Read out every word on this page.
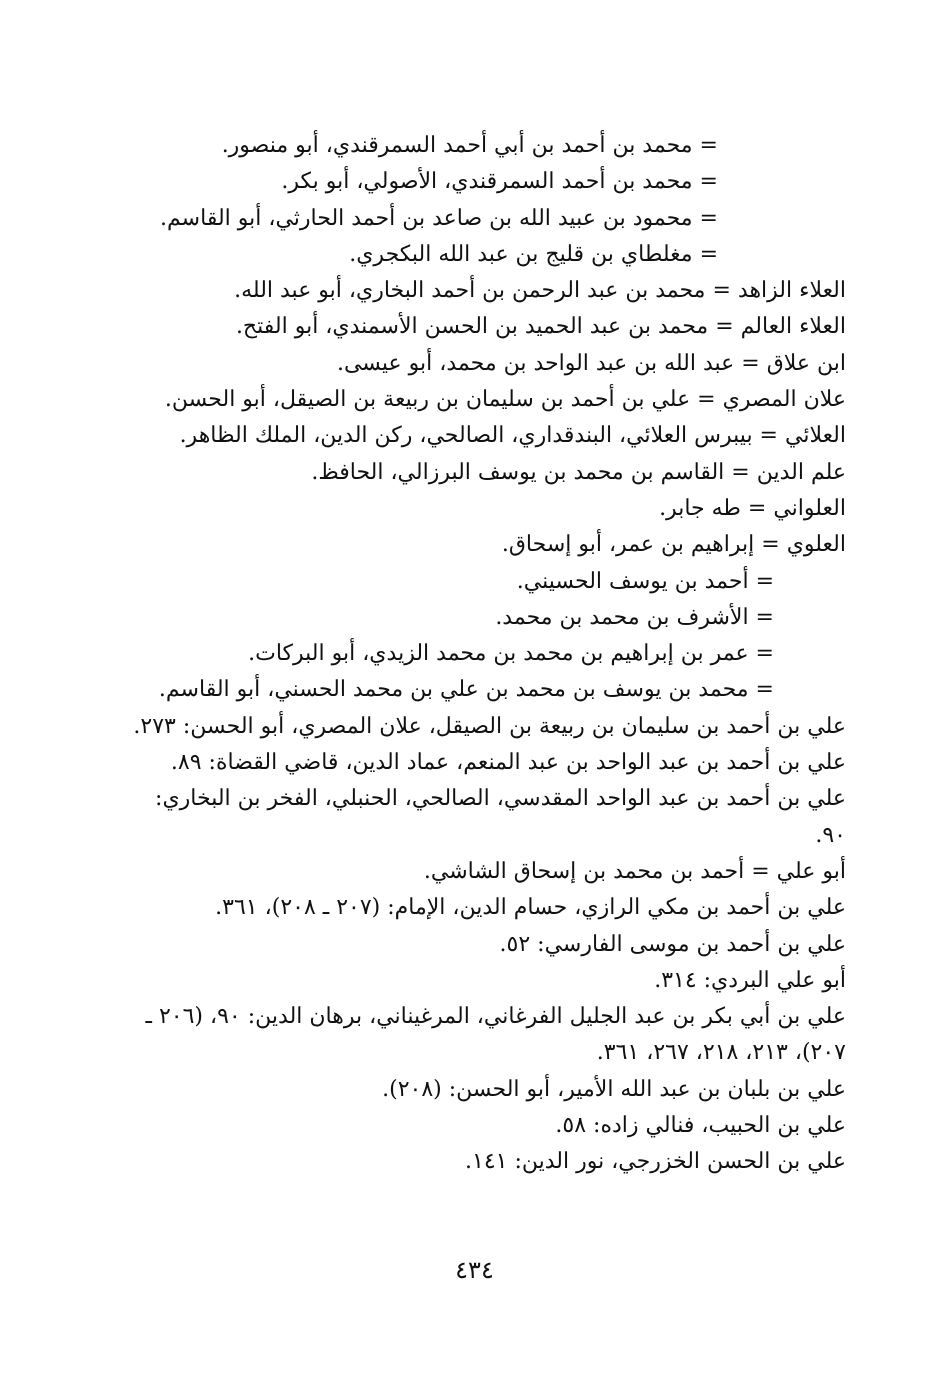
= محمد بن أحمد بن أبي أحمد السمرقندي، أبو منصور.
= محمد بن أحمد السمرقندي، الأصولي، أبو بكر.
= محمود بن عبيد الله بن صاعد بن أحمد الحارثي، أبو القاسم.
= مغلطاي بن قليج بن عبد الله البكجري.
العلاء الزاهد = محمد بن عبد الرحمن بن أحمد البخاري، أبو عبد الله.
العلاء العالم = محمد بن عبد الحميد بن الحسن الأسمندي، أبو الفتح.
ابن علاق = عبد الله بن عبد الواحد بن محمد، أبو عيسى.
علان المصري = علي بن أحمد بن سليمان بن ربيعة بن الصيقل، أبو الحسن.
العلائي = بيبرس العلائي، البندقداري، الصالحي، ركن الدين، الملك الظاهر.
علم الدين = القاسم بن محمد بن يوسف البرزالي، الحافظ.
العلواني = طه جابر.
العلوي = إبراهيم بن عمر، أبو إسحاق.
= أحمد بن يوسف الحسيني.
= الأشرف بن محمد بن محمد.
= عمر بن إبراهيم بن محمد بن محمد الزيدي، أبو البركات.
= محمد بن يوسف بن محمد بن علي بن محمد الحسني، أبو القاسم.
علي بن أحمد بن سليمان بن ربيعة بن الصيقل، علان المصري، أبو الحسن: ٢٧٣.
علي بن أحمد بن عبد الواحد بن عبد المنعم، عماد الدين، قاضي القضاة: ٨٩.
علي بن أحمد بن عبد الواحد المقدسي، الصالحي، الحنبلي، الفخر بن البخاري:
٩٠.
أبو علي = أحمد بن محمد بن إسحاق الشاشي.
علي بن أحمد بن مكي الرازي، حسام الدين، الإمام: (٢٠٧ ـ ٢٠٨)، ٣٦١.
علي بن أحمد بن موسى الفارسي: ٥٢.
أبو علي البردي: ٣١٤.
علي بن أبي بكر بن عبد الجليل الفرغاني، المرغيناني، برهان الدين: ٩٠، (٢٠٦ ـ
٢٠٧)، ٢١٣، ٢١٨، ٢٦٧، ٣٦١.
علي بن بلبان بن عبد الله الأمير، أبو الحسن: (٢٠٨).
علي بن الحبيب، فنالي زاده: ٥٨.
علي بن الحسن الخزرجي، نور الدين: ١٤١.
٤٣٤
